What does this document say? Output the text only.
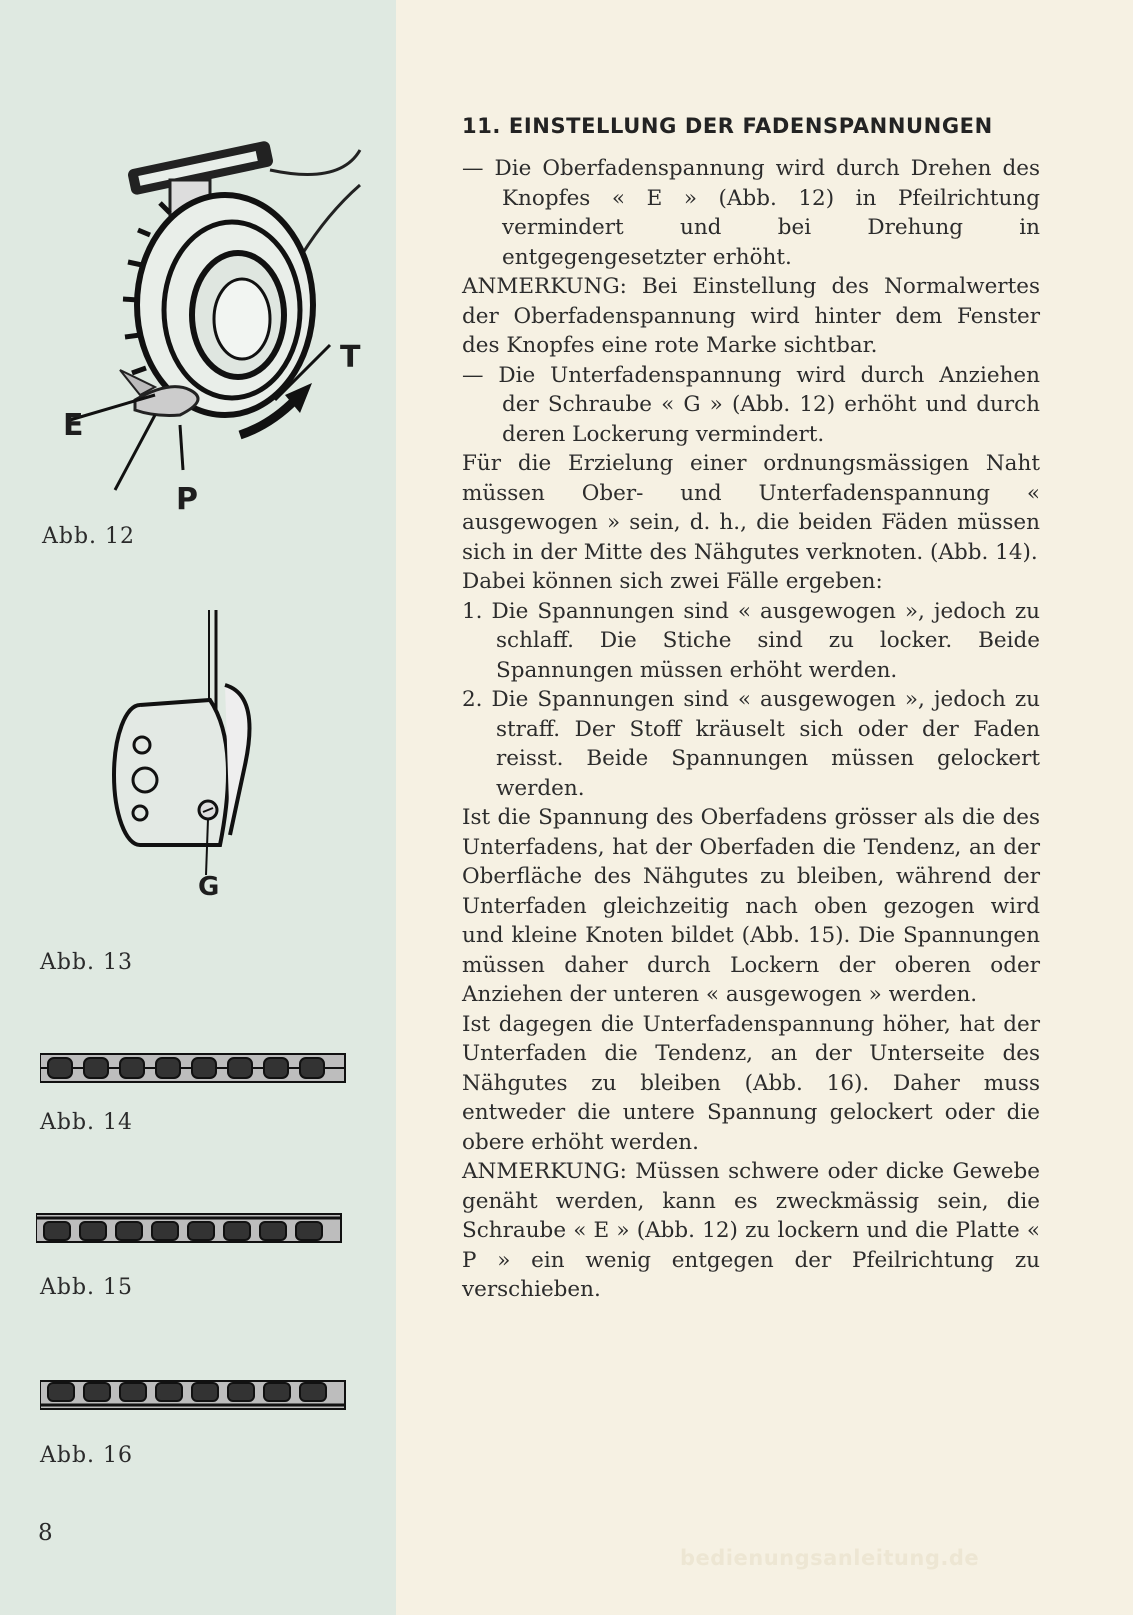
E
P
T
Abb. 12
G
Abb. 13
Abb. 14
Abb. 15
Abb. 16
8
11. EINSTELLUNG DER FADENSPANNUNGEN

— Die Oberfadenspannung wird durch Drehen des Knopfes « E » (Abb. 12) in Pfeilrichtung vermindert und bei Drehung in entgegengesetzter erhöht.

ANMERKUNG: Bei Einstellung des Normalwertes der Oberfadenspannung wird hinter dem Fenster des Knopfes eine rote Marke sichtbar.

— Die Unterfadenspannung wird durch Anziehen der Schraube « G » (Abb. 12) erhöht und durch deren Lockerung vermindert.

Für die Erzielung einer ordnungsmässigen Naht müssen Ober- und Unterfadenspannung « ausgewogen » sein, d. h., die beiden Fäden müssen sich in der Mitte des Nähgutes verknoten. (Abb. 14).

Dabei können sich zwei Fälle ergeben:

1. Die Spannungen sind « ausgewogen », jedoch zu schlaff. Die Stiche sind zu locker. Beide Spannungen müssen erhöht werden.

2. Die Spannungen sind « ausgewogen », jedoch zu straff. Der Stoff kräuselt sich oder der Faden reisst. Beide Spannungen müssen gelockert werden.

Ist die Spannung des Oberfadens grösser als die des Unterfadens, hat der Oberfaden die Tendenz, an der Oberfläche des Nähgutes zu bleiben, während der Unterfaden gleichzeitig nach oben gezogen wird und kleine Knoten bildet (Abb. 15). Die Spannungen müssen daher durch Lockern der oberen oder Anziehen der unteren « ausgewogen » werden.

Ist dagegen die Unterfadenspannung höher, hat der Unterfaden die Tendenz, an der Unterseite des Nähgutes zu bleiben (Abb. 16). Daher muss entweder die untere Spannung gelockert oder die obere erhöht werden.

ANMERKUNG: Müssen schwere oder dicke Gewebe genäht werden, kann es zweckmässig sein, die Schraube « E » (Abb. 12) zu lockern und die Platte « P » ein wenig entgegen der Pfeilrichtung zu verschieben.

bedienungsanleitung.de
